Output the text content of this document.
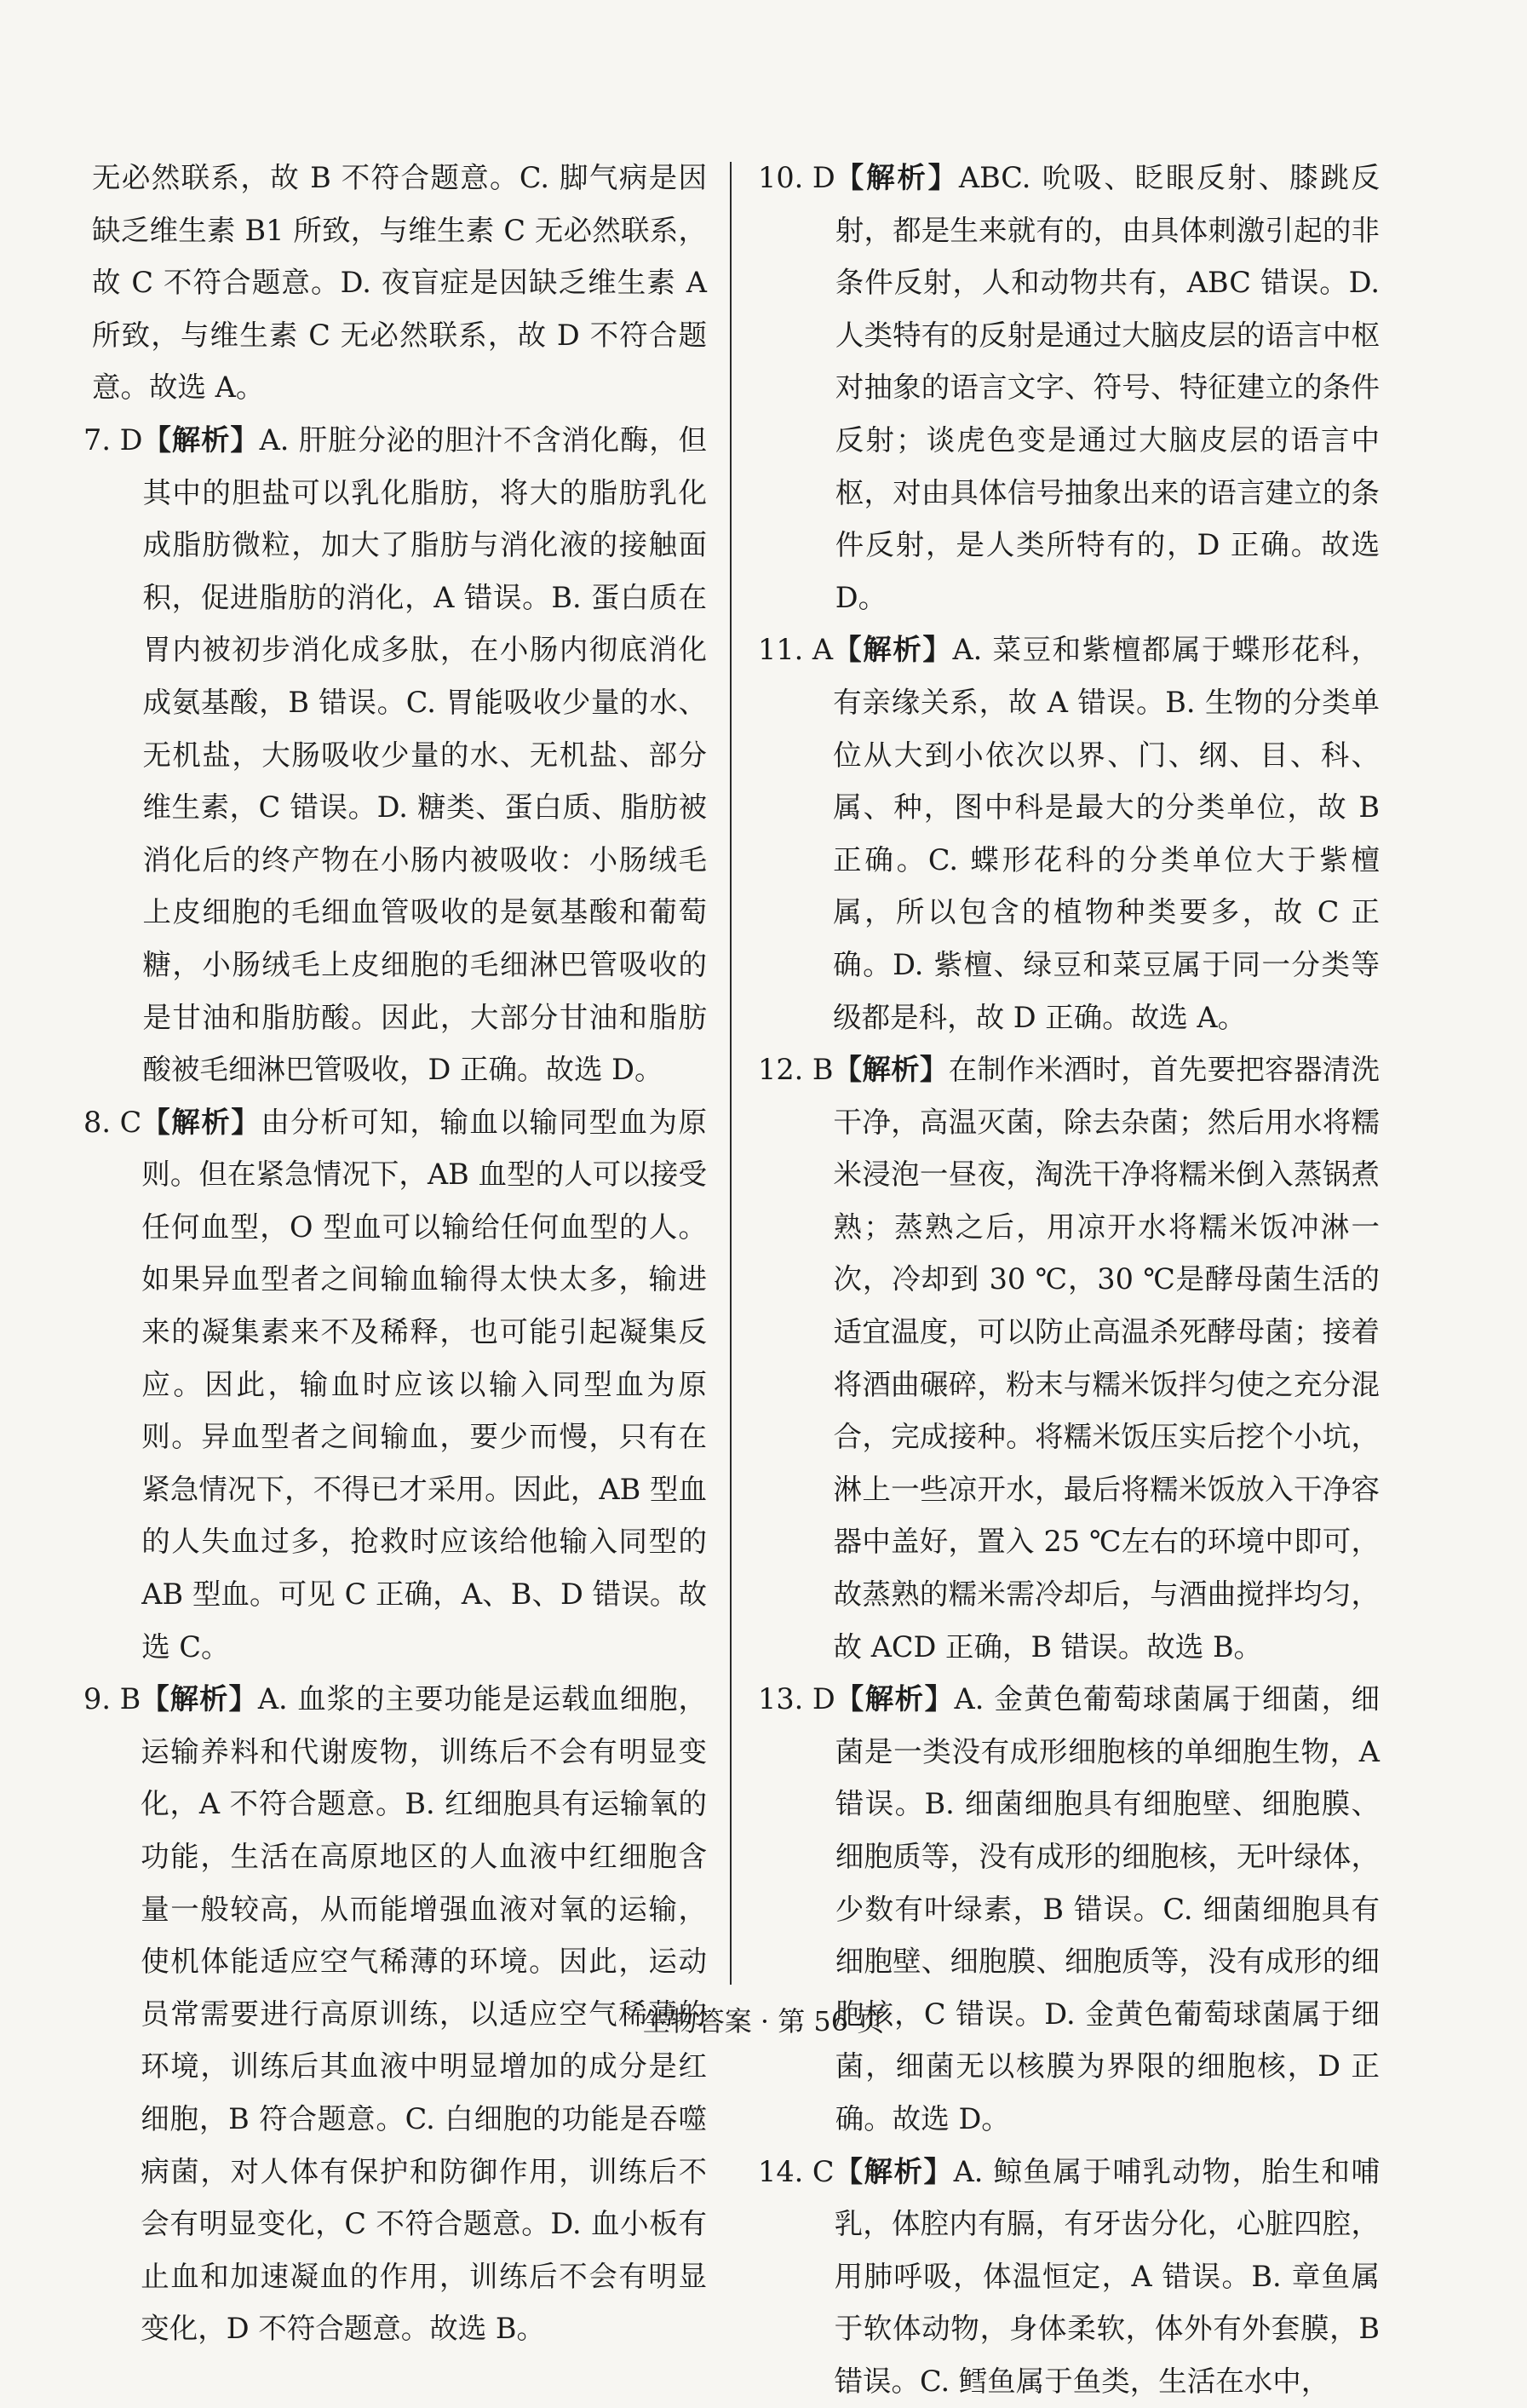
无必然联系，故 B 不符合题意。C. 脚气病是因缺乏维生素 B1 所致，与维生素 C 无必然联系，故 C 不符合题意。D. 夜盲症是因缺乏维生素 A 所致，与维生素 C 无必然联系，故 D 不符合题意。故选 A。

7. D 【解析】A. 肝脏分泌的胆汁不含消化酶，但其中的胆盐可以乳化脂肪，将大的脂肪乳化成脂肪微粒，加大了脂肪与消化液的接触面积，促进脂肪的消化，A 错误。B. 蛋白质在胃内被初步消化成多肽，在小肠内彻底消化成氨基酸，B 错误。C. 胃能吸收少量的水、无机盐，大肠吸收少量的水、无机盐、部分维生素，C 错误。D. 糖类、蛋白质、脂肪被消化后的终产物在小肠内被吸收：小肠绒毛上皮细胞的毛细血管吸收的是氨基酸和葡萄糖，小肠绒毛上皮细胞的毛细淋巴管吸收的是甘油和脂肪酸。因此，大部分甘油和脂肪酸被毛细淋巴管吸收，D 正确。故选 D。
8. C 【解析】由分析可知，输血以输同型血为原则。但在紧急情况下，AB 血型的人可以接受任何血型，O 型血可以输给任何血型的人。如果异血型者之间输血输得太快太多，输进来的凝集素来不及稀释，也可能引起凝集反应。因此，输血时应该以输入同型血为原则。异血型者之间输血，要少而慢，只有在紧急情况下，不得已才采用。因此，AB 型血的人失血过多，抢救时应该给他输入同型的 AB 型血。可见 C 正确，A、B、D 错误。故选 C。
9. B 【解析】A. 血浆的主要功能是运载血细胞，运输养料和代谢废物，训练后不会有明显变化，A 不符合题意。B. 红细胞具有运输氧的功能，生活在高原地区的人血液中红细胞含量一般较高，从而能增强血液对氧的运输，使机体能适应空气稀薄的环境。因此，运动员常需要进行高原训练，以适应空气稀薄的环境，训练后其血液中明显增加的成分是红细胞，B 符合题意。C. 白细胞的功能是吞噬病菌，对人体有保护和防御作用，训练后不会有明显变化，C 不符合题意。D. 血小板有止血和加速凝血的作用，训练后不会有明显变化，D 不符合题意。故选 B。
10. D 【解析】ABC. 吮吸、眨眼反射、膝跳反射，都是生来就有的，由具体刺激引起的非条件反射，人和动物共有，ABC 错误。D. 人类特有的反射是通过大脑皮层的语言中枢对抽象的语言文字、符号、特征建立的条件反射；谈虎色变是通过大脑皮层的语言中枢，对由具体信号抽象出来的语言建立的条件反射，是人类所特有的，D 正确。故选 D。
11. A 【解析】A. 菜豆和紫檀都属于蝶形花科，有亲缘关系，故 A 错误。B. 生物的分类单位从大到小依次以界、门、纲、目、科、属、种，图中科是最大的分类单位，故 B 正确。C. 蝶形花科的分类单位大于紫檀属，所以包含的植物种类要多，故 C 正确。D. 紫檀、绿豆和菜豆属于同一分类等级都是科，故 D 正确。故选 A。
12. B 【解析】在制作米酒时，首先要把容器清洗干净，高温灭菌，除去杂菌；然后用水将糯米浸泡一昼夜，淘洗干净将糯米倒入蒸锅煮熟；蒸熟之后，用凉开水将糯米饭冲淋一次，冷却到 30 ℃，30 ℃是酵母菌生活的适宜温度，可以防止高温杀死酵母菌；接着将酒曲碾碎，粉末与糯米饭拌匀使之充分混合，完成接种。将糯米饭压实后挖个小坑，淋上一些凉开水，最后将糯米饭放入干净容器中盖好，置入 25 ℃左右的环境中即可，故蒸熟的糯米需冷却后，与酒曲搅拌均匀，故 ACD 正确，B 错误。故选 B。
13. D 【解析】A. 金黄色葡萄球菌属于细菌，细菌是一类没有成形细胞核的单细胞生物，A 错误。B. 细菌细胞具有细胞壁、细胞膜、细胞质等，没有成形的细胞核，无叶绿体，少数有叶绿素，B 错误。C. 细菌细胞具有细胞壁、细胞膜、细胞质等，没有成形的细胞核，C 错误。D. 金黄色葡萄球菌属于细菌，细菌无以核膜为界限的细胞核，D 正确。故选 D。
14. C 【解析】A. 鲸鱼属于哺乳动物，胎生和哺乳，体腔内有膈，有牙齿分化，心脏四腔，用肺呼吸，体温恒定，A 错误。B. 章鱼属于软体动物，身体柔软，体外有外套膜，B 错误。C. 鳕鱼属于鱼类，生活在水中，
生物答案 · 第 56 页
